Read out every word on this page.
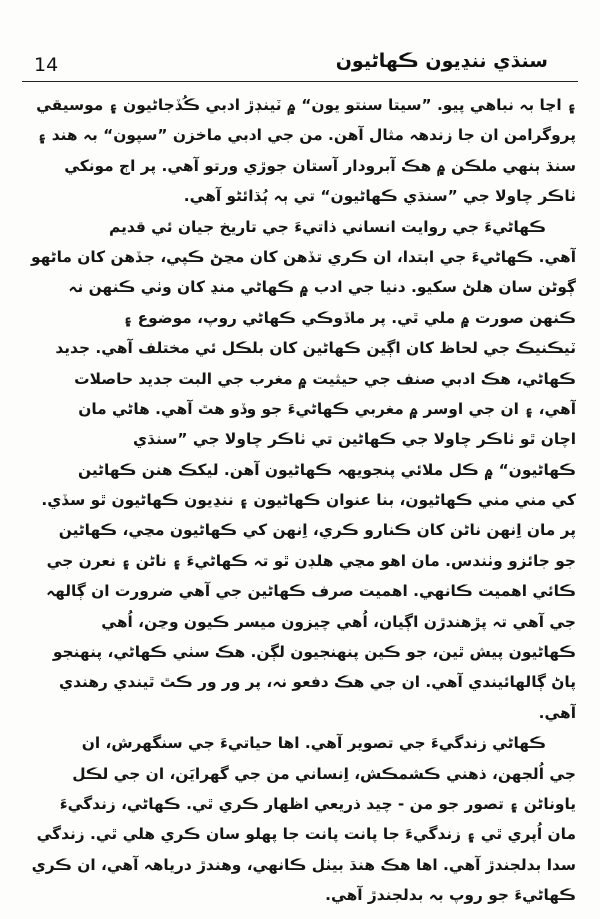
14	سنڌي ننڍيون ڪهاڻيون
۽ اڃا بہ نباهي پيو. ”سيتا سنتو يون“ ۾ ٽينڊڙ ادبي ڪُڏجاڻيون ۽ موسيقي
پروگرامن ان جا زندهہ مثال آهن. من جي ادبي ماخزن ”سپون“ بہ هند ۽
سنڌ ٻنهي ملڪن ۾ هڪ آبرودار آستان جوڙي ورتو آهي. پر اڄ مونکي
ٺاڪر چاولا جي ”سنڌي ڪهاڻيون“ تي ٻہ ٻُڌائڻو آهي.
ڪهاڻيءَ جي روايت انساني ذاتيءَ جي تاريخ جيان ئي قديم
آهي. ڪهاڻيءَ جي ابتدا، ان ڪري تڏهن کان مڃڻ ڪپي، جڏهن کان ماڻهو
ڳوڻن سان هلڻ سکيو. دنيا جي ادب ۾ ڪهاڻي منڍ کان وٺي ڪنهن نہ
ڪنهن صورت ۾ ملي ٿي. پر ماڏوڪي ڪهاڻي روپ، موضوع ۽
ٽيڪنيڪ جي لحاظ کان اڳين ڪهاڻين کان بلڪل ئي مختلف آهي. جديد
ڪهاڻي، هڪ ادبي صنف جي حيثيت ۾ مغرب جي البت جديد حاصلات
آهي، ۽ ان جي اوسر ۾ مغربي ڪهاڻيءَ جو وڏو هٿ آهي. هاڻي مان
اچان ٿو ٺاڪر چاولا جي ڪهاڻين تي ٺاڪر چاولا جي ”سنڌي
ڪهاڻيون“ ۾ ڪل ملائي پنجويهہ ڪهاڻيون آهن. ليکڪ هنن ڪهاڻين
کي مني مني ڪهاڻيون، بنا عنوان ڪهاڻيون ۽ ننڍيون ڪهاڻيون ٿو سڏي.
پر مان اِنهن ناڻن کان ڪنارو ڪري، اِنهن کي ڪهاڻيون مڃي، ڪهاڻين
جو جائزو وٺندس. مان اهو مڃي هلڊن ٿو تہ ڪهاڻيءَ ۽ ناڻن ۽ نعرن جي
ڪائي اهميت ڪانهي. اهميت صرف ڪهاڻين جي آهي ضرورت ان ڳالهہ
جي آهي تہ پڙهندڙن اڳيان، اُهي چيزون ميسر ڪيون وڃن، اُهي
ڪهاڻيون پيش ٿين، جو ڪين پنهنجيون لڳن. هڪ سٺي ڪهاڻي، پنهنجو
پاڻ ڳالهائيندي آهي. ان جي هڪ دفعو نہ، پر ور ور ڪٿ ٿيندي رهندي
آهي.
ڪهاڻي زندگيءَ جي تصوير آهي. اها حياتيءَ جي سنگهرش، ان
جي اُلجهن، ذهني ڪشمڪش، اِنساني من جي گهرايَن، ان جي لڪل
ياوناڻن ۽ تصور جو من - چيد ذريعي اظهار ڪري ٿي. ڪهاڻي، زندگيءَ
مان اُپري ٿي ۽ زندگيءَ جا پانت پانت جا پهلو سان ڪري هلي ٿي. زندگي
سدا بدلجندڙ آهي. اها هڪ هنڌ بيٺل ڪانهي، وهندڙ درياهہ آهي، ان ڪري
ڪهاڻيءَ جو روپ بہ بدلجندڙ آهي.
